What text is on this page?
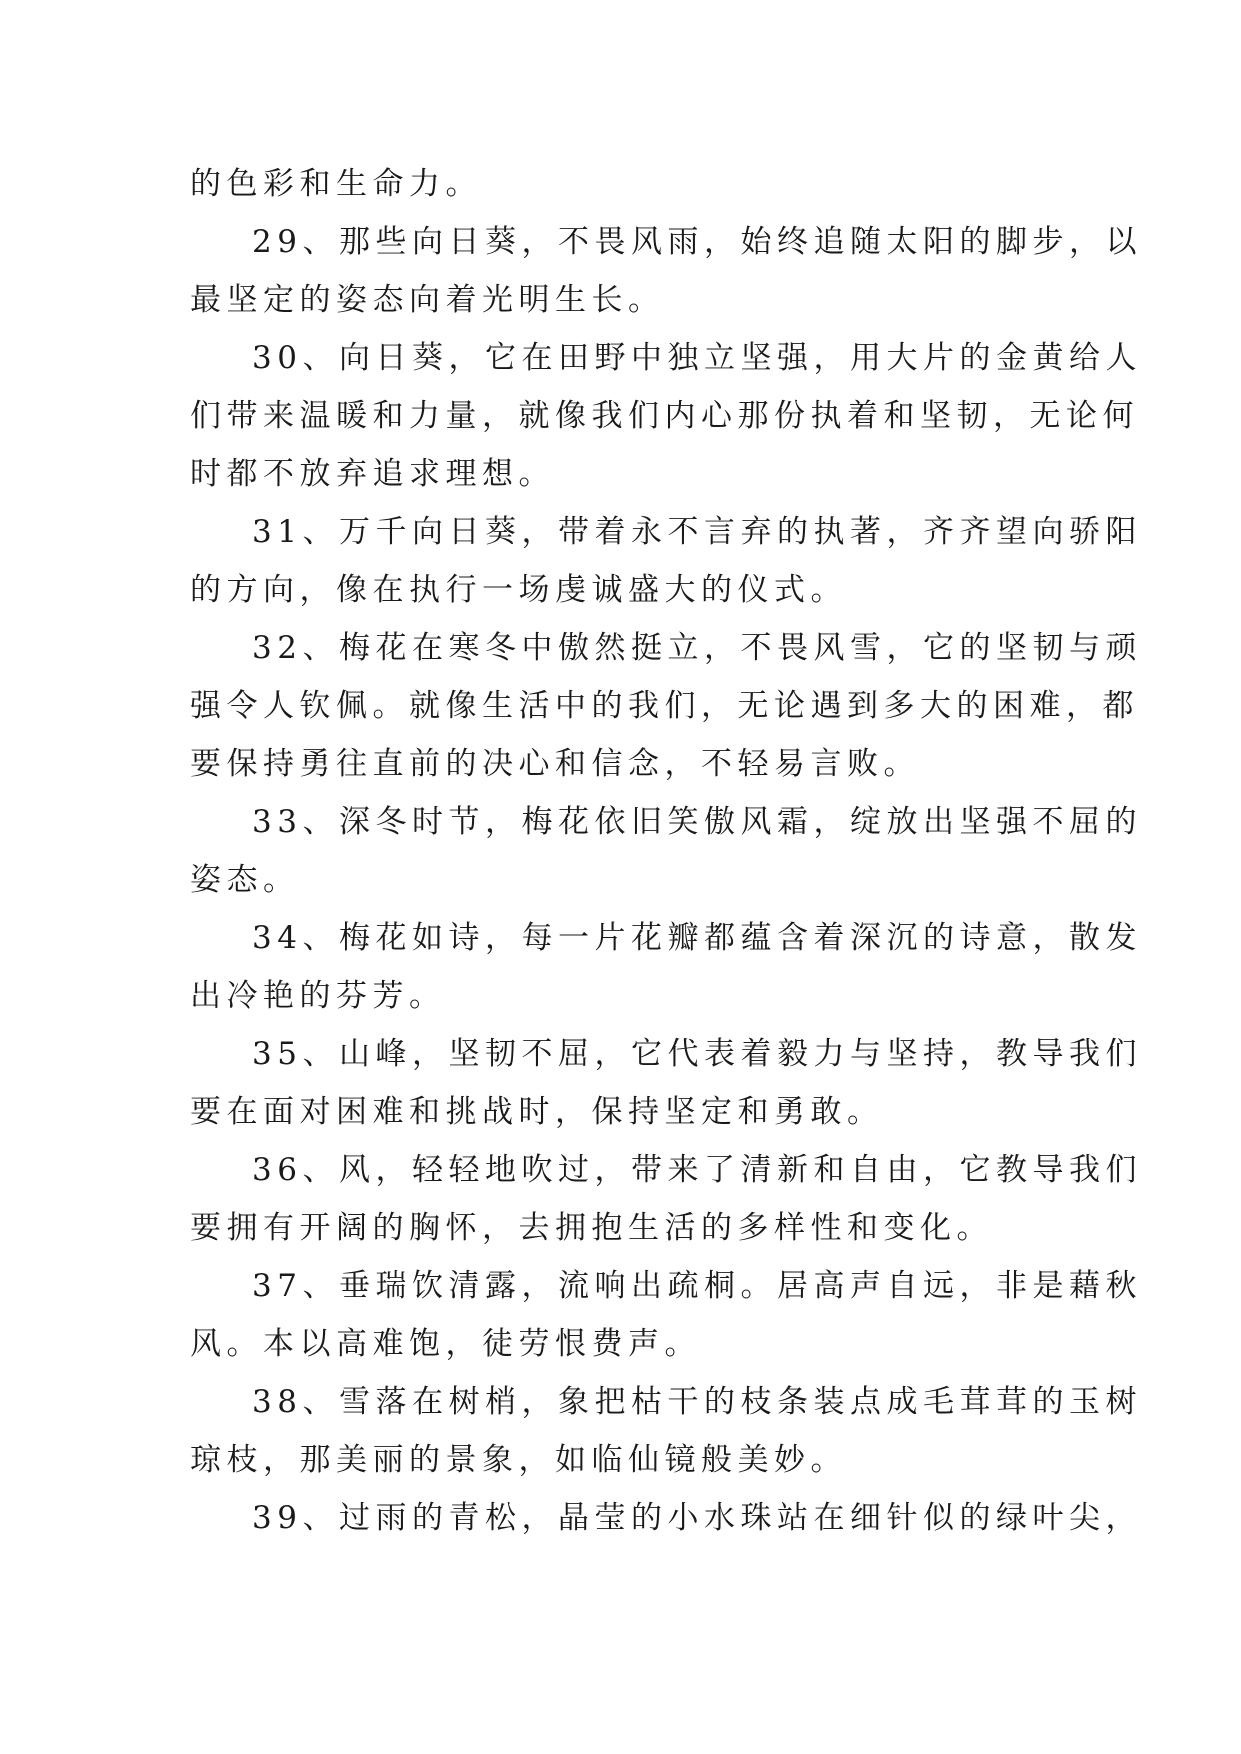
的色彩和生命力。
29、那些向日葵，不畏风雨，始终追随太阳的脚步，以
最坚定的姿态向着光明生长。
30、向日葵，它在田野中独立坚强，用大片的金黄给人
们带来温暖和力量，就像我们内心那份执着和坚韧，无论何
时都不放弃追求理想。
31、万千向日葵，带着永不言弃的执著，齐齐望向骄阳
的方向，像在执行一场虔诚盛大的仪式。
32、梅花在寒冬中傲然挺立，不畏风雪，它的坚韧与顽
强令人钦佩。就像生活中的我们，无论遇到多大的困难，都
要保持勇往直前的决心和信念，不轻易言败。
33、深冬时节，梅花依旧笑傲风霜，绽放出坚强不屈的
姿态。
34、梅花如诗，每一片花瓣都蕴含着深沉的诗意，散发
出冷艳的芬芳。
35、山峰，坚韧不屈，它代表着毅力与坚持，教导我们
要在面对困难和挑战时，保持坚定和勇敢。
36、风，轻轻地吹过，带来了清新和自由，它教导我们
要拥有开阔的胸怀，去拥抱生活的多样性和变化。
37、垂瑞饮清露，流响出疏桐。居高声自远，非是藉秋
风。本以高难饱，徒劳恨费声。
38、雪落在树梢，象把枯干的枝条装点成毛茸茸的玉树
琼枝，那美丽的景象，如临仙镜般美妙。
39、过雨的青松，晶莹的小水珠站在细针似的绿叶尖，
